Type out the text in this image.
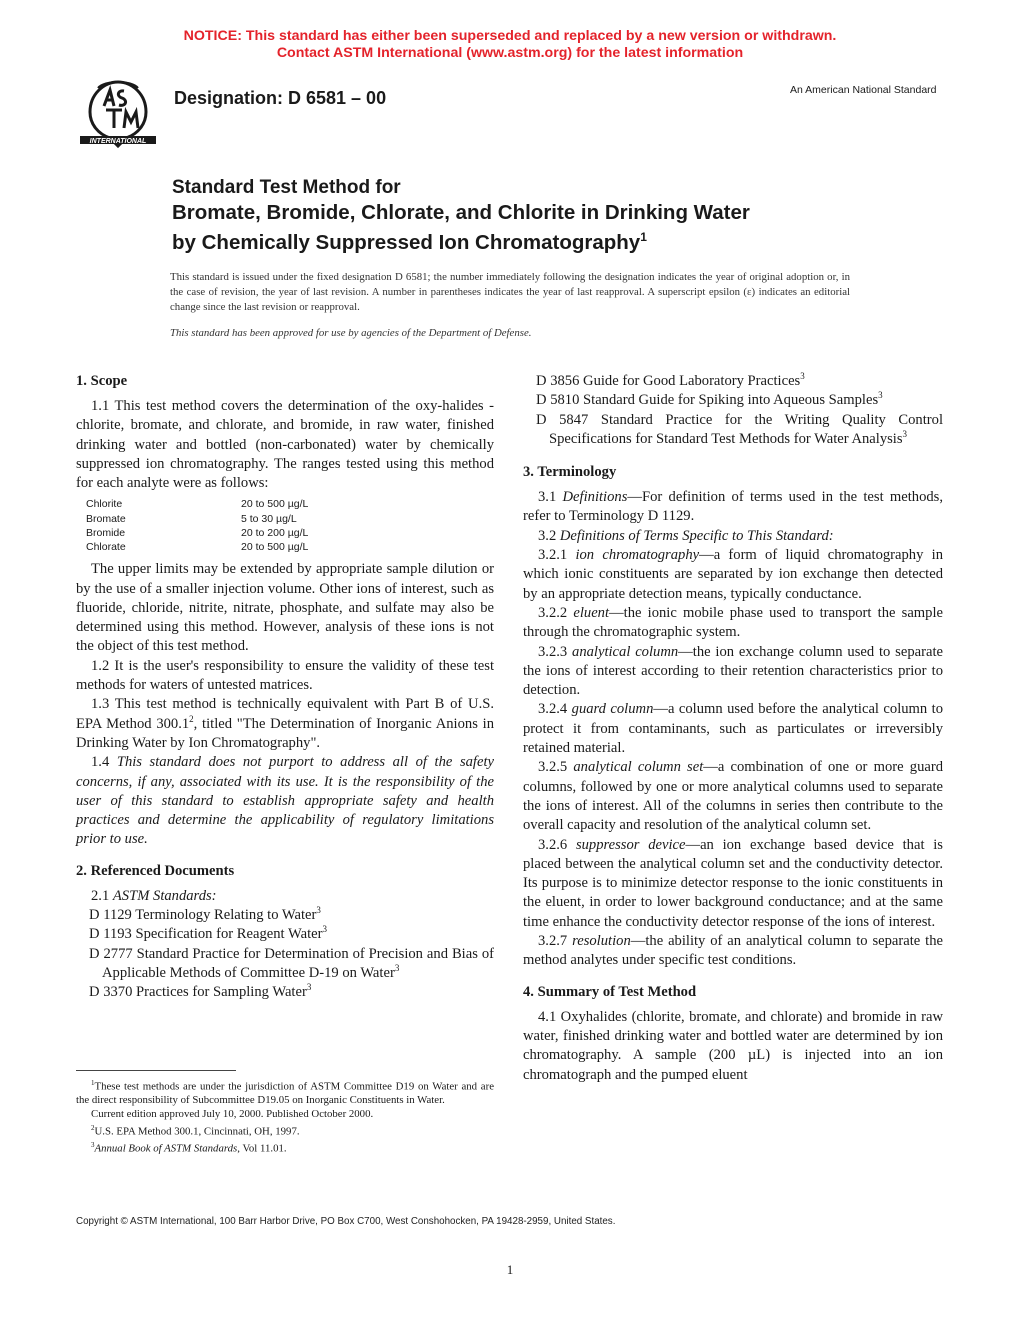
NOTICE: This standard has either been superseded and replaced by a new version or withdrawn.
Contact ASTM International (www.astm.org) for the latest information
INTERNATIONAL
Designation: D 6581 – 00	An American National Standard
Standard Test Method for
Bromate, Bromide, Chlorate, and Chlorite in Drinking Water
by Chemically Suppressed Ion Chromatography$^1$
This standard is issued under the fixed designation D 6581; the number immediately following the designation indicates the year of original adoption or, in the case of revision, the year of last revision. A number in parentheses indicates the year of last reapproval. A superscript epsilon (ε) indicates an editorial change since the last revision or reapproval.
This standard has been approved for use by agencies of the Department of Defense.
1. Scope

1.1 This test method covers the determination of the oxy-halides - chlorite, bromate, and chlorate, and bromide, in raw water, finished drinking water and bottled (non-carbonated) water by chemically suppressed ion chromatography. The ranges tested using this method for each analyte were as follows:

Chlorite	20 to 500 µg/L
Bromate	5 to 30 µg/L
Bromide	20 to 200 µg/L
Chlorate	20 to 500 µg/L

The upper limits may be extended by appropriate sample dilution or by the use of a smaller injection volume. Other ions of interest, such as fluoride, chloride, nitrite, nitrate, phosphate, and sulfate may also be determined using this method. However, analysis of these ions is not the object of this test method.

1.2 It is the user's responsibility to ensure the validity of these test methods for waters of untested matrices.

1.3 This test method is technically equivalent with Part B of U.S. EPA Method 300.1$^2$, titled "The Determination of Inorganic Anions in Drinking Water by Ion Chromatography".

1.4 This standard does not purport to address all of the safety concerns, if any, associated with its use. It is the responsibility of the user of this standard to establish appropriate safety and health practices and determine the applicability of regulatory limitations prior to use.

2. Referenced Documents

2.1 ASTM Standards:

D 1129 Terminology Relating to Water$^3$
D 1193 Specification for Reagent Water$^3$
D 2777 Standard Practice for Determination of Precision and Bias of Applicable Methods of Committee D-19 on Water$^3$
D 3370 Practices for Sampling Water$^3$

$^1$These test methods are under the jurisdiction of ASTM Committee D19 on Water and are the direct responsibility of Subcommittee D19.05 on Inorganic Constituents in Water.

Current edition approved July 10, 2000. Published October 2000.

$^2$U.S. EPA Method 300.1, Cincinnati, OH, 1997.

$^3$Annual Book of ASTM Standards, Vol 11.01.

D 3856 Guide for Good Laboratory Practices$^3$
D 5810 Standard Guide for Spiking into Aqueous Samples$^3$
D 5847 Standard Practice for the Writing Quality Control Specifications for Standard Test Methods for Water Analysis$^3$
3. Terminology

3.1 Definitions—For definition of terms used in the test methods, refer to Terminology D 1129.

3.2 Definitions of Terms Specific to This Standard:

3.2.1 ion chromatography—a form of liquid chromatography in which ionic constituents are separated by ion exchange then detected by an appropriate detection means, typically conductance.

3.2.2 eluent—the ionic mobile phase used to transport the sample through the chromatographic system.

3.2.3 analytical column—the ion exchange column used to separate the ions of interest according to their retention characteristics prior to detection.

3.2.4 guard column—a column used before the analytical column to protect it from contaminants, such as particulates or irreversibly retained material.

3.2.5 analytical column set—a combination of one or more guard columns, followed by one or more analytical columns used to separate the ions of interest. All of the columns in series then contribute to the overall capacity and resolution of the analytical column set.

3.2.6 suppressor device—an ion exchange based device that is placed between the analytical column set and the conductivity detector. Its purpose is to minimize detector response to the ionic constituents in the eluent, in order to lower background conductance; and at the same time enhance the conductivity detector response of the ions of interest.

3.2.7 resolution—the ability of an analytical column to separate the method analytes under specific test conditions.

4. Summary of Test Method

4.1 Oxyhalides (chlorite, bromate, and chlorate) and bromide in raw water, finished drinking water and bottled water are determined by ion chromatography. A sample (200 µL) is injected into an ion chromatograph and the pumped eluent

Copyright © ASTM International, 100 Barr Harbor Drive, PO Box C700, West Conshohocken, PA 19428-2959, United States.
1
